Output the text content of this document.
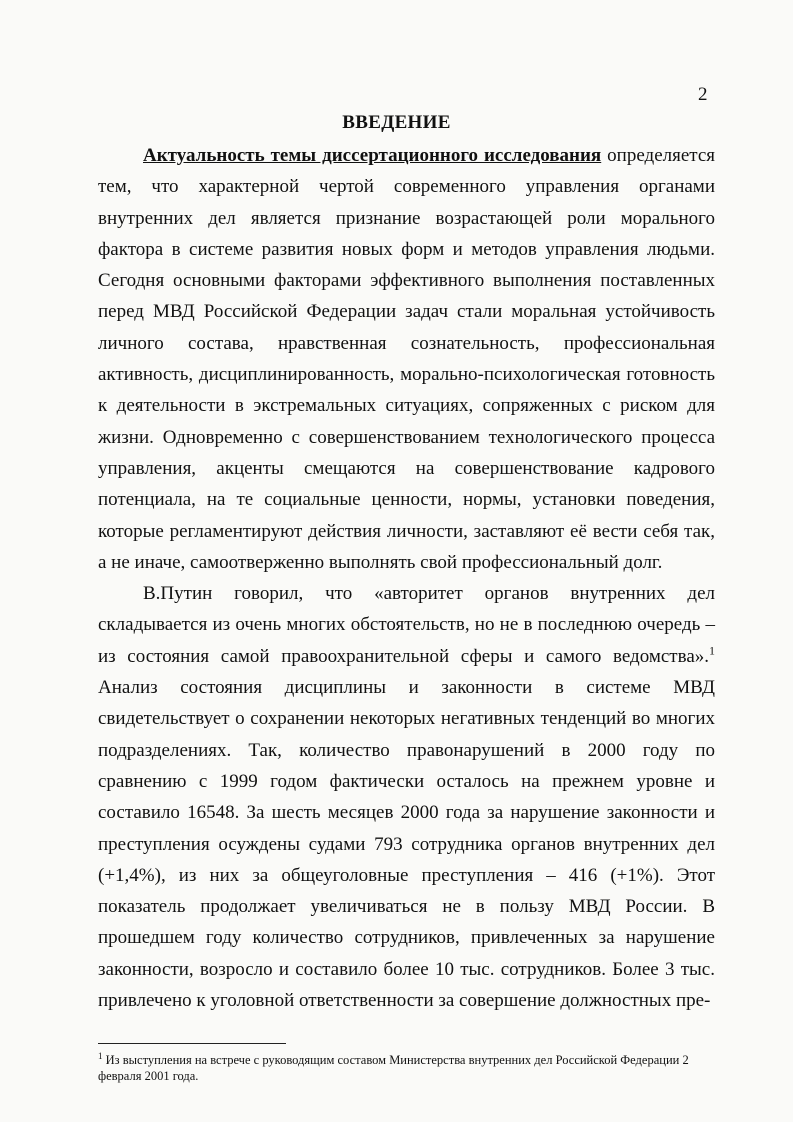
2
ВВЕДЕНИЕ

Актуальность темы диссертационного исследования определяется тем, что характерной чертой современного управления органами внутренних дел является признание возрастающей роли морального фактора в системе развития новых форм и методов управления людьми. Сегодня основными факторами эффективного выполнения поставленных перед МВД Российской Федерации задач стали моральная устойчивость личного состава, нравственная сознательность, профессиональная активность, дисциплинированность, морально-психологическая готовность к деятельности в экстремальных ситуациях, сопряженных с риском для жизни. Одновременно с совершенствованием технологического процесса управления, акценты смещаются на совершенствование кадрового потенциала, на те социальные ценности, нормы, установки поведения, которые регламентируют действия личности, заставляют её вести себя так, а не иначе, самоотверженно выполнять свой профессиональный долг.

В.Путин говорил, что «авторитет органов внутренних дел складывается из очень многих обстоятельств, но не в последнюю очередь – из состояния самой правоохранительной сферы и самого ведомства».$^1$ Анализ состояния дисциплины и законности в системе МВД свидетельствует о сохранении некоторых негативных тенденций во многих подразделениях. Так, количество правонарушений в 2000 году по сравнению с 1999 годом фактически осталось на прежнем уровне и составило 16548. За шесть месяцев 2000 года за нарушение законности и преступления осуждены судами 793 сотрудника органов внутренних дел (+1,4%), из них за общеуголовные преступления – 416 (+1%). Этот показатель продолжает увеличиваться не в пользу МВД России. В прошедшем году количество сотрудников, привлеченных за нарушение законности, возросло и составило более 10 тыс. сотрудников. Более 3 тыс. привлечено к уголовной ответственности за совершение должностных пре-

$^1$ Из выступления на встрече с руководящим составом Министерства внутренних дел Российской Федерации 2 февраля 2001 года.
